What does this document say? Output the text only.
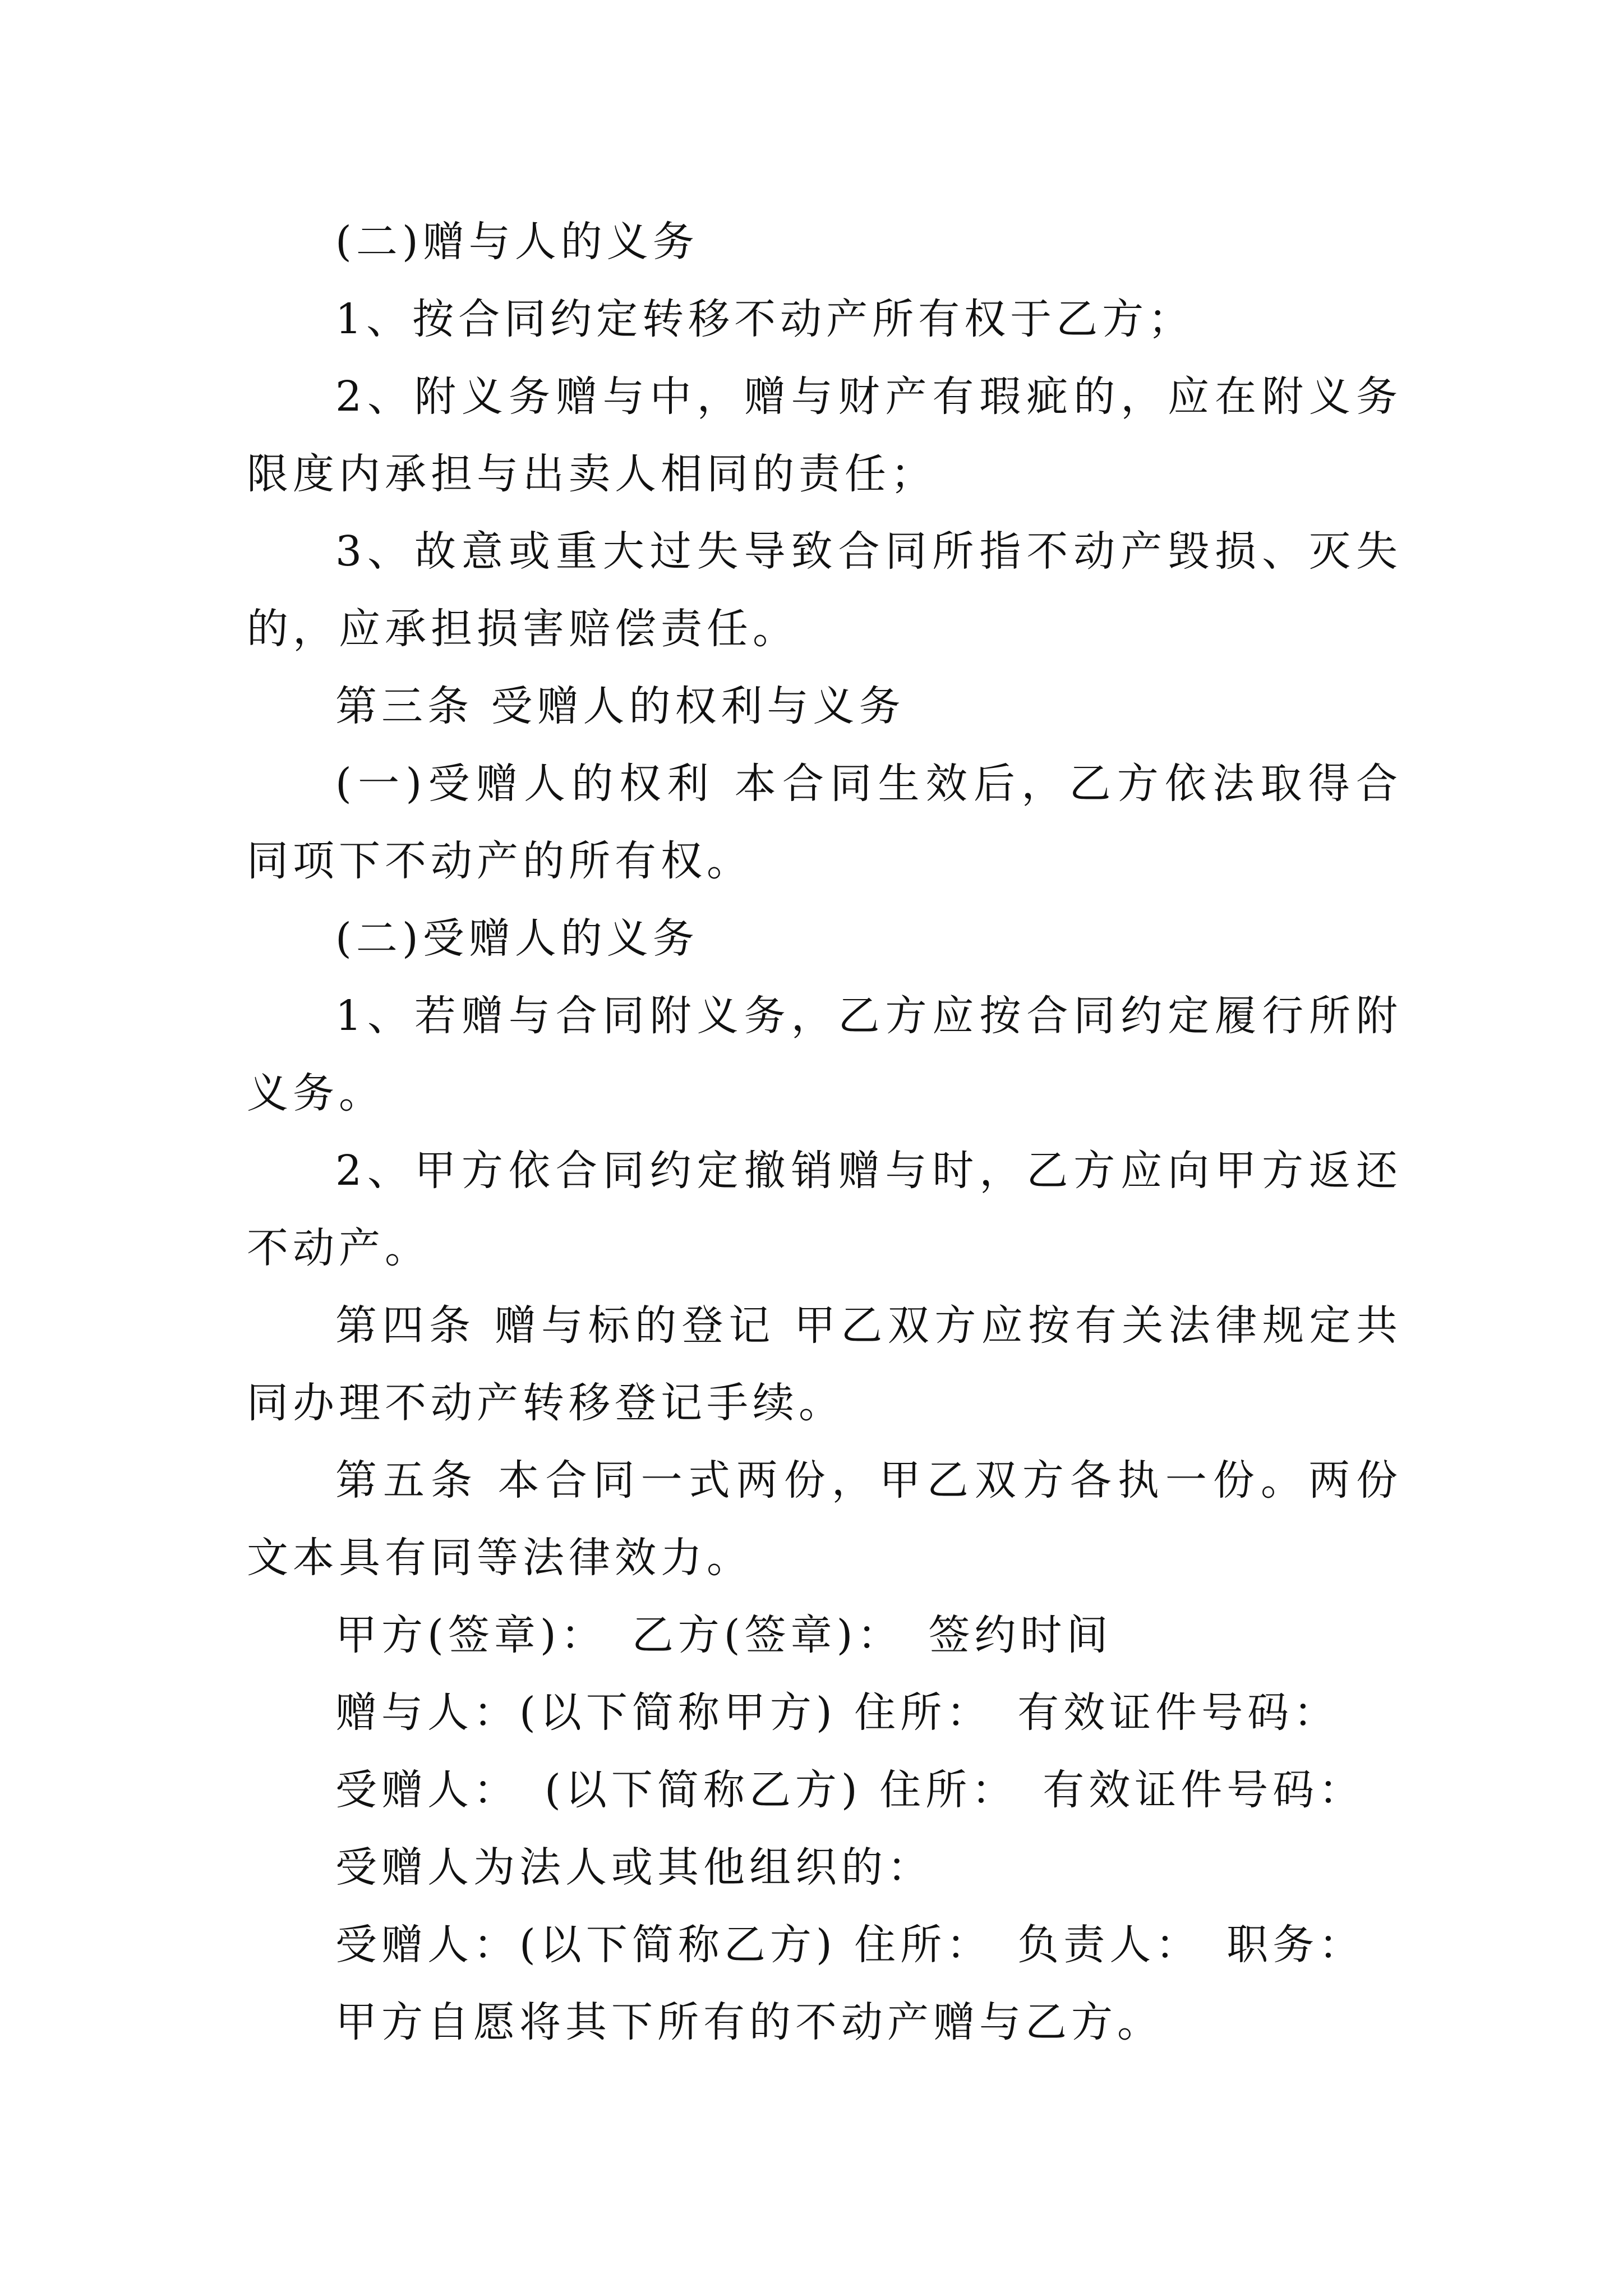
(二)赠与人的义务

1、按合同约定转移不动产所有权于乙方；

2、附义务赠与中，赠与财产有瑕疵的，应在附义务限度内承担与出卖人相同的责任；

3、故意或重大过失导致合同所指不动产毁损、灭失的，应承担损害赔偿责任。

第三条 受赠人的权利与义务

(一)受赠人的权利 本合同生效后，乙方依法取得合同项下不动产的所有权。

(二)受赠人的义务

1、若赠与合同附义务，乙方应按合同约定履行所附义务。

2、甲方依合同约定撤销赠与时，乙方应向甲方返还不动产。

第四条 赠与标的登记 甲乙双方应按有关法律规定共同办理不动产转移登记手续。

第五条 本合同一式两份，甲乙双方各执一份。两份文本具有同等法律效力。

甲方(签章)：　乙方(签章)：　签约时间

赠与人：(以下简称甲方) 住所：　有效证件号码：

受赠人：　(以下简称乙方) 住所：　有效证件号码：

受赠人为法人或其他组织的：

受赠人：(以下简称乙方) 住所：　负责人：　职务：

甲方自愿将其下所有的不动产赠与乙方。
